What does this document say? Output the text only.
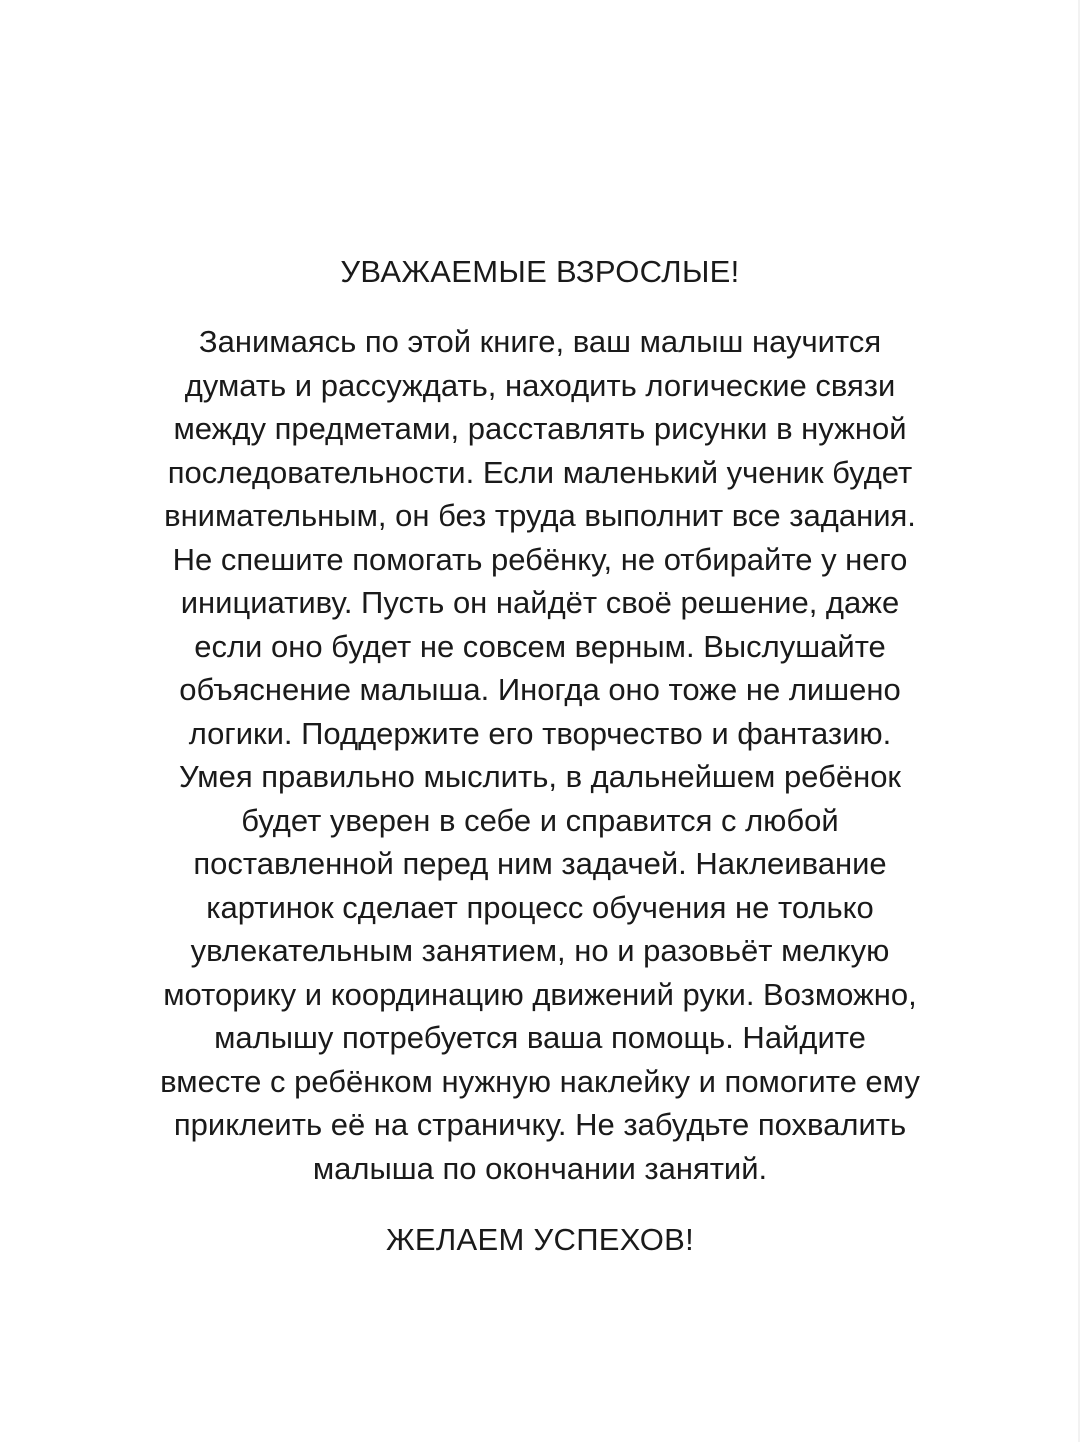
УВАЖАЕМЫЕ ВЗРОСЛЫЕ!

Занимаясь по этой книге, ваш малыш научится
думать и рассуждать, находить логические связи
между предметами, расставлять рисунки в нужной
последовательности. Если маленький ученик будет
внимательным, он без труда выполнит все задания.
Не спешите помогать ребёнку, не отбирайте у него
инициативу. Пусть он найдёт своё решение, даже
если оно будет не совсем верным. Выслушайте
объяснение малыша. Иногда оно тоже не лишено
логики. Поддержите его творчество и фантазию.
Умея правильно мыслить, в дальнейшем ребёнок
будет уверен в себе и справится с любой
поставленной перед ним задачей. Наклеивание
картинок сделает процесс обучения не только
увлекательным занятием, но и разовьёт мелкую
моторику и координацию движений руки. Возможно,
малышу потребуется ваша помощь. Найдите
вместе с ребёнком нужную наклейку и помогите ему
приклеить её на страничку. Не забудьте похвалить
малыша по окончании занятий.

ЖЕЛАЕМ УСПЕХОВ!
